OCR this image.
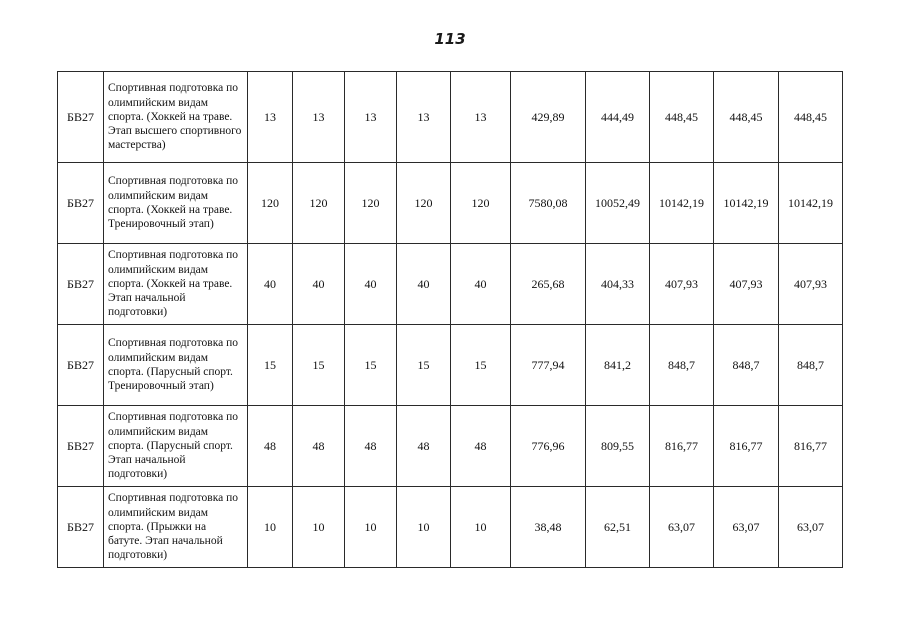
113
БВ27	Спортивная подготовка по олимпийским видам спорта. (Хоккей на траве. Этап высшего спортивного мастерства)	13	13	13	13	13	429,89	444,49	448,45	448,45	448,45
БВ27	Спортивная подготовка по олимпийским видам спорта. (Хоккей на траве. Тренировочный этап)	120	120	120	120	120	7580,08	10052,49	10142,19	10142,19	10142,19
БВ27	Спортивная подготовка по олимпийским видам спорта. (Хоккей на траве. Этап начальной подготовки)	40	40	40	40	40	265,68	404,33	407,93	407,93	407,93
БВ27	Спортивная подготовка по олимпийским видам спорта. (Парусный спорт. Тренировочный этап)	15	15	15	15	15	777,94	841,2	848,7	848,7	848,7
БВ27	Спортивная подготовка по олимпийским видам спорта. (Парусный спорт. Этап начальной подготовки)	48	48	48	48	48	776,96	809,55	816,77	816,77	816,77
БВ27	Спортивная подготовка по олимпийским видам спорта. (Прыжки на батуте. Этап начальной подготовки)	10	10	10	10	10	38,48	62,51	63,07	63,07	63,07
